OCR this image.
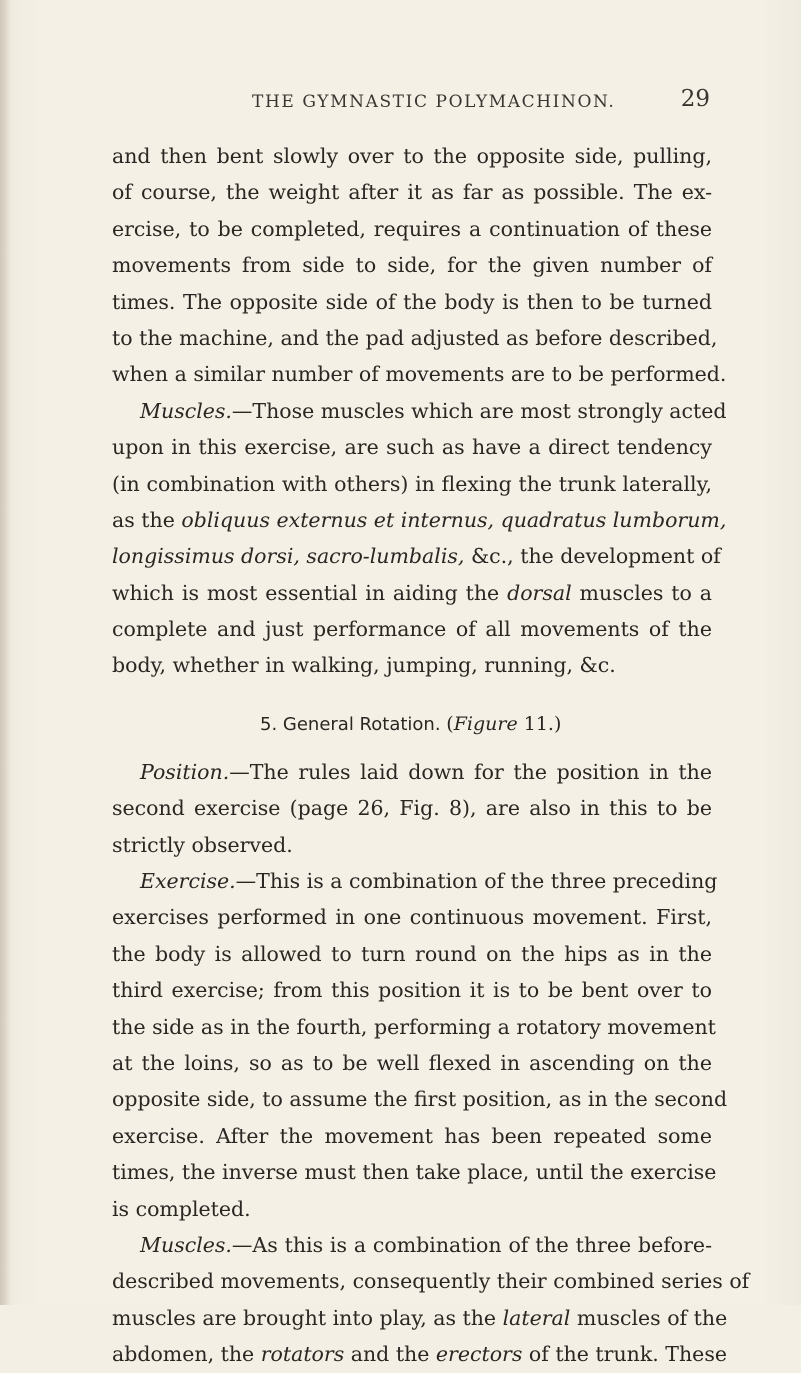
THE GYMNASTIC POLYMACHINON.	29
and then bent slowly over to the opposite side, pulling,
of course, the weight after it as far as possible. The ex-
ercise, to be completed, requires a continuation of these
movements from side to side, for the given number of
times. The opposite side of the body is then to be turned
to the machine, and the pad adjusted as before described,
when a similar number of movements are to be performed.
Muscles.—Those muscles which are most strongly acted
upon in this exercise, are such as have a direct tendency
(in combination with others) in flexing the trunk laterally,
as the obliquus externus et internus, quadratus lumborum,
longissimus dorsi, sacro-lumbalis, &c., the development of
which is most essential in aiding the dorsal muscles to a
complete and just performance of all movements of the
body, whether in walking, jumping, running, &c.
5. General Rotation. (Figure 11.)
Position.—The rules laid down for the position in the
second exercise (page 26, Fig. 8), are also in this to be
strictly observed.
Exercise.—This is a combination of the three preceding
exercises performed in one continuous movement. First,
the body is allowed to turn round on the hips as in the
third exercise; from this position it is to be bent over to
the side as in the fourth, performing a rotatory movement
at the loins, so as to be well flexed in ascending on the
opposite side, to assume the first position, as in the second
exercise. After the movement has been repeated some
times, the inverse must then take place, until the exercise
is completed.
Muscles.—As this is a combination of the three before-
described movements, consequently their combined series of
muscles are brought into play, as the lateral muscles of the
abdomen, the rotators and the erectors of the trunk. These
